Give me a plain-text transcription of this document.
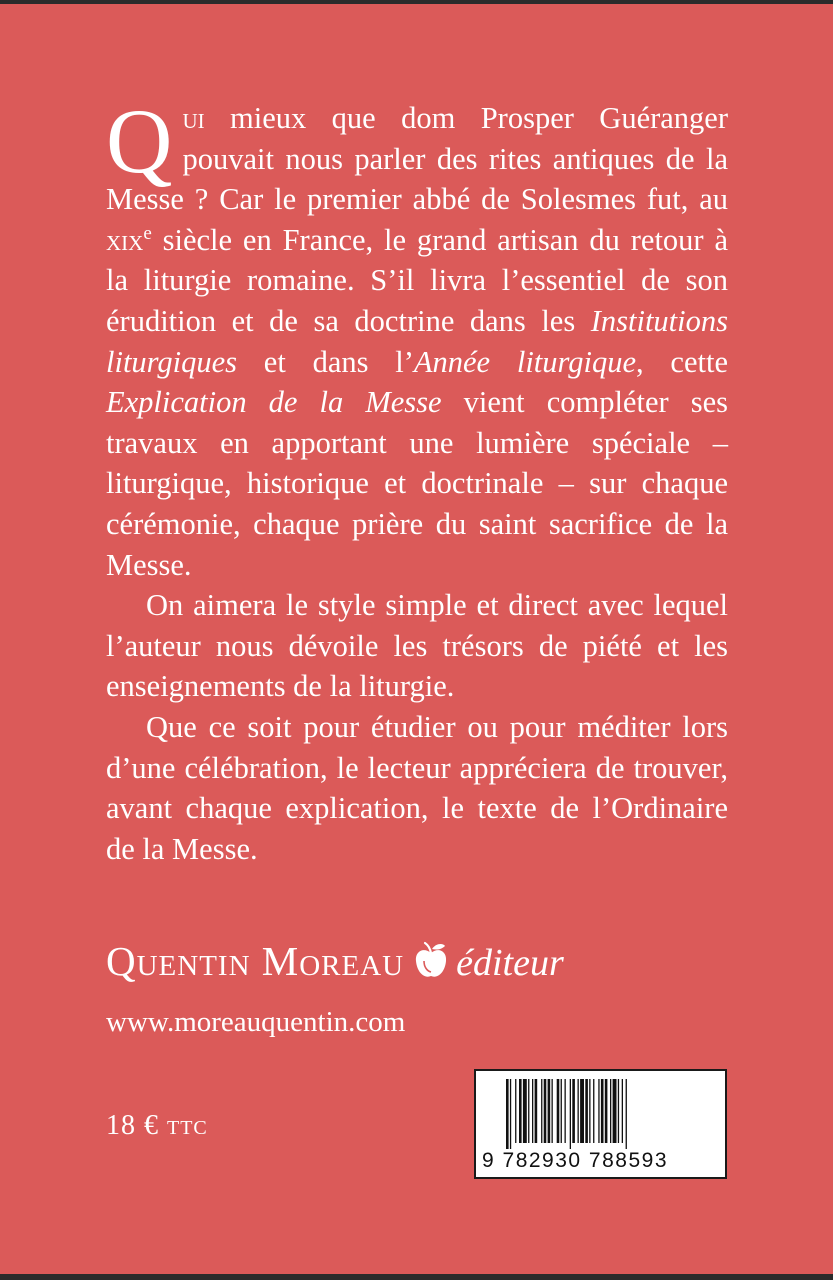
Qui mieux que dom Prosper Guéranger pouvait nous parler des rites antiques de la Messe ? Car le premier abbé de Solesmes fut, au xix$^e$ siècle en France, le grand artisan du retour à la liturgie romaine. S’il livra l’essentiel de son érudition et de sa doctrine dans les Institutions liturgiques et dans l’Année liturgique, cette Explication de la Messe vient compléter ses travaux en apportant une lumière spéciale – liturgique, historique et doctrinale – sur chaque cérémonie, chaque prière du saint sacrifice de la Messe.

On aimera le style simple et direct avec lequel l’auteur nous dévoile les trésors de piété et les enseignements de la liturgie.

Que ce soit pour étudier ou pour méditer lors d’une célébration, le lecteur appréciera de trouver, avant chaque explication, le texte de l’Ordinaire de la Messe.

Quentin Moreau éditeur
www.moreauquentin.com
18 € ttc
9 782930 788593
